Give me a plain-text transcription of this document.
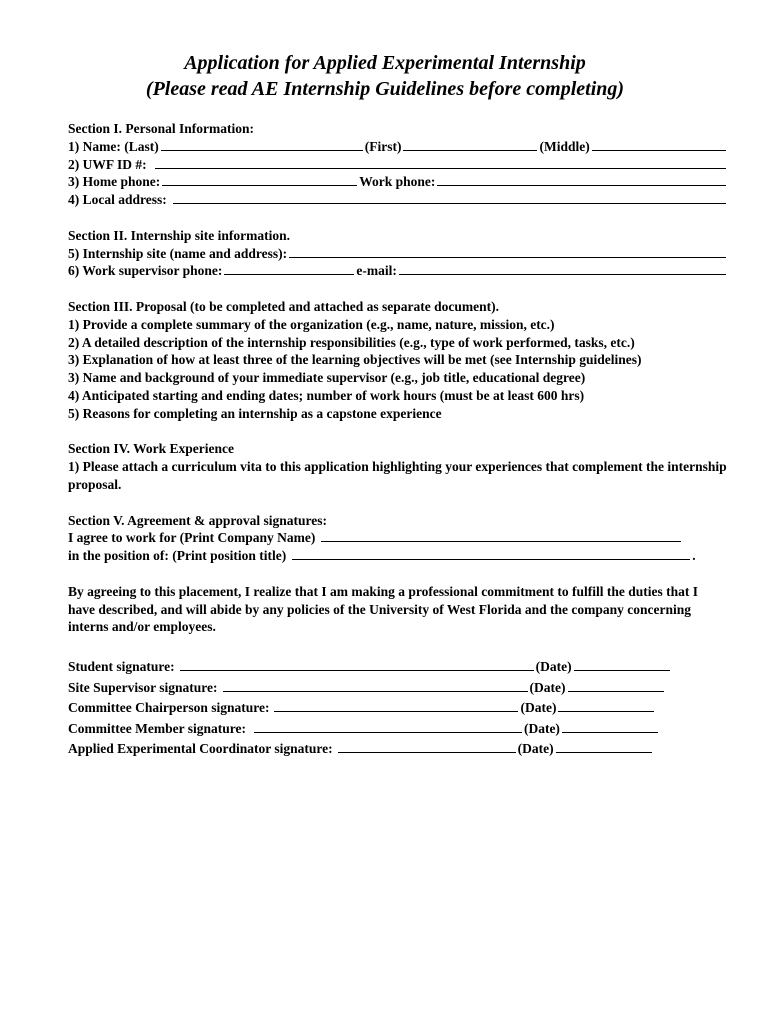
Application for Applied Experimental Internship
(Please read AE Internship Guidelines before completing)
Section I. Personal Information:
1) Name: (Last)	(First)	(Middle)
2) UWF ID #:
3) Home phone:	Work phone:
4) Local address:
Section II. Internship site information.
5) Internship site (name and address):
6) Work supervisor phone:	e-mail:
Section III. Proposal (to be completed and attached as separate document).
1) Provide a complete summary of the organization (e.g., name, nature, mission, etc.)
2) A detailed description of the internship responsibilities (e.g., type of work performed, tasks, etc.)
3) Explanation of how at least three of the learning objectives will be met (see Internship guidelines)
3) Name and background of your immediate supervisor (e.g., job title, educational degree)
4) Anticipated starting and ending dates; number of work hours (must be at least 600 hrs)
5) Reasons for completing an internship as a capstone experience
Section IV. Work Experience
1) Please attach a curriculum vita to this application highlighting your experiences that complement the internship proposal.
Section V. Agreement & approval signatures:
I agree to work for (Print Company Name)
in the position of: (Print position title)	.
By agreeing to this placement, I realize that I am making a professional commitment to fulfill the duties that I have described, and will abide by any policies of the University of West Florida and the company concerning interns and/or employees.
Student signature:	(Date)
Site Supervisor signature:	(Date)
Committee Chairperson signature:	(Date)
Committee Member signature:	(Date)
Applied Experimental Coordinator signature:	(Date)
